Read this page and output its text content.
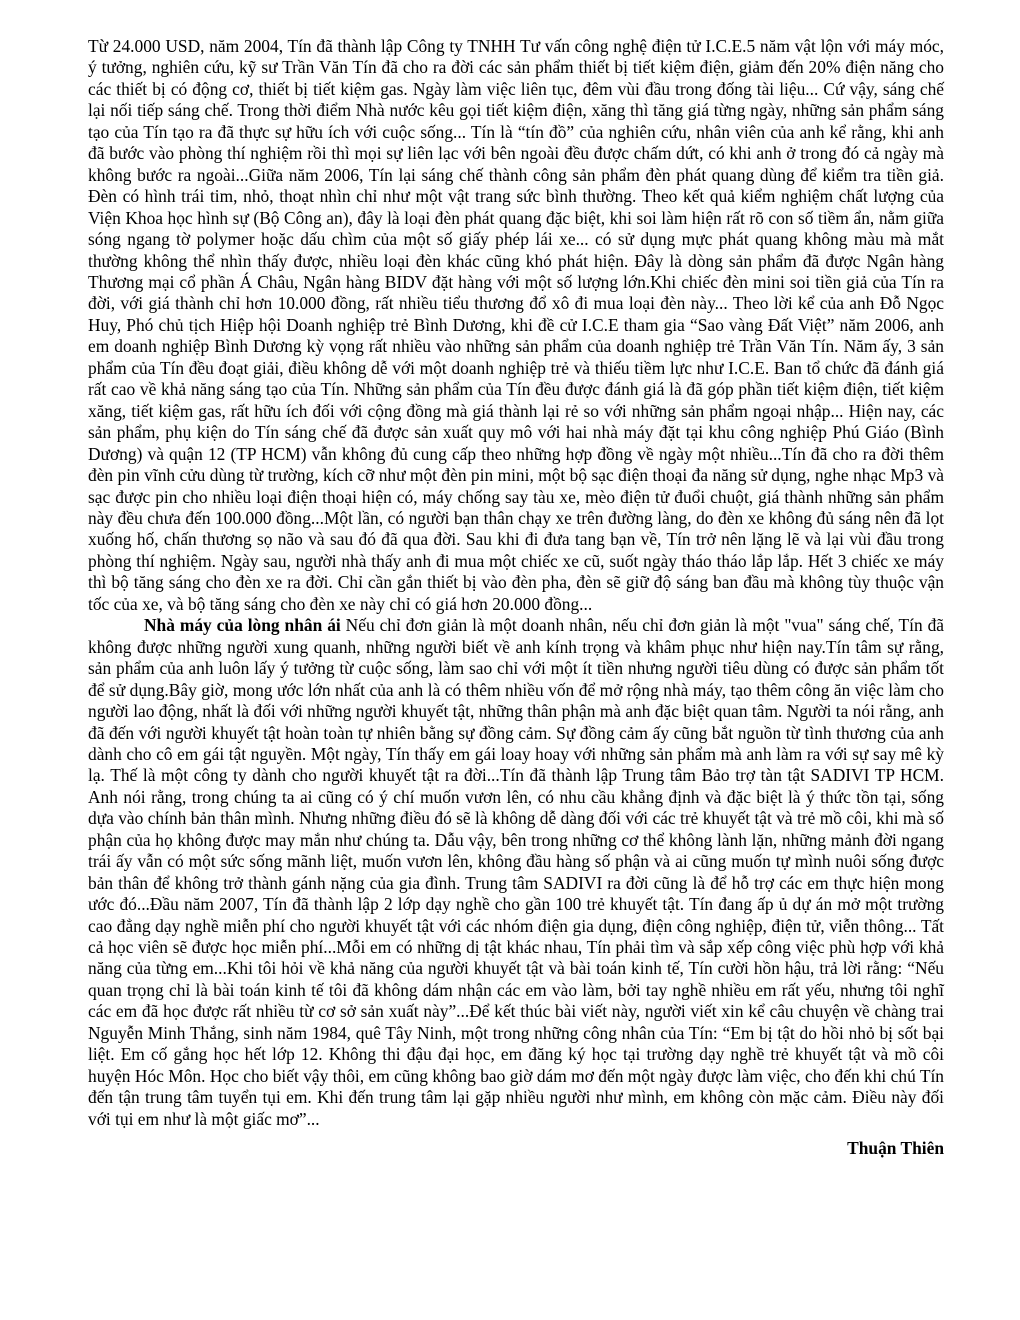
Từ 24.000 USD, năm 2004, Tín đã thành lập Công ty TNHH Tư vấn công nghệ điện tử I.C.E.5 năm vật lộn với máy móc, ý tưởng, nghiên cứu, kỹ sư Trần Văn Tín đã cho ra đời các sản phẩm thiết bị tiết kiệm điện, giảm đến 20% điện năng cho các thiết bị có động cơ, thiết bị tiết kiệm gas. Ngày làm việc liên tục, đêm vùi đầu trong đống tài liệu... Cứ vậy, sáng chế lại nối tiếp sáng chế. Trong thời điểm Nhà nước kêu gọi tiết kiệm điện, xăng thì tăng giá từng ngày, những sản phẩm sáng tạo của Tín tạo ra đã thực sự hữu ích với cuộc sống... Tín là “tín đồ” của nghiên cứu, nhân viên của anh kể rằng, khi anh đã bước vào phòng thí nghiệm rồi thì mọi sự liên lạc với bên ngoài đều được chấm dứt, có khi anh ở trong đó cả ngày mà không bước ra ngoài...Giữa năm 2006, Tín lại sáng chế thành công sản phẩm đèn phát quang dùng để kiểm tra tiền giả. Đèn có hình trái tim, nhỏ, thoạt nhìn chỉ như một vật trang sức bình thường. Theo kết quả kiểm nghiệm chất lượng của Viện Khoa học hình sự (Bộ Công an), đây là loại đèn phát quang đặc biệt, khi soi làm hiện rất rõ con số tiềm ẩn, nằm giữa sóng ngang tờ polymer hoặc dấu chìm của một số giấy phép lái xe... có sử dụng mực phát quang không màu mà mắt thường không thể nhìn thấy được, nhiều loại đèn khác cũng khó phát hiện. Đây là dòng sản phẩm đã được Ngân hàng Thương mại cổ phần Á Châu, Ngân hàng BIDV đặt hàng với một số lượng lớn.Khi chiếc đèn mini soi tiền giả của Tín ra đời, với giá thành chỉ hơn 10.000 đồng, rất nhiều tiểu thương đổ xô đi mua loại đèn này... Theo lời kể của anh Đỗ Ngọc Huy, Phó chủ tịch Hiệp hội Doanh nghiệp trẻ Bình Dương, khi đề cử I.C.E tham gia “Sao vàng Đất Việt” năm 2006, anh em doanh nghiệp Bình Dương kỳ vọng rất nhiều vào những sản phẩm của doanh nghiệp trẻ Trần Văn Tín. Năm ấy, 3 sản phẩm của Tín đều đoạt giải, điều không dễ với một doanh nghiệp trẻ và thiếu tiềm lực như I.C.E. Ban tổ chức đã đánh giá rất cao về khả năng sáng tạo của Tín. Những sản phẩm của Tín đều được đánh giá là đã góp phần tiết kiệm điện, tiết kiệm xăng, tiết kiệm gas, rất hữu ích đối với cộng đồng mà giá thành lại rẻ so với những sản phẩm ngoại nhập... Hiện nay, các sản phẩm, phụ kiện do Tín sáng chế đã được sản xuất quy mô với hai nhà máy đặt tại khu công nghiệp Phú Giáo (Bình Dương) và quận 12 (TP HCM) vẫn không đủ cung cấp theo những hợp đồng về ngày một nhiều...Tín đã cho ra đời thêm đèn pin vĩnh cửu dùng từ trường, kích cỡ như một đèn pin mini, một bộ sạc điện thoại đa năng sử dụng, nghe nhạc Mp3 và sạc được pin cho nhiều loại điện thoại hiện có, máy chống say tàu xe, mèo điện tử đuổi chuột, giá thành những sản phẩm này đều chưa đến 100.000 đồng...Một lần, có người bạn thân chạy xe trên đường làng, do đèn xe không đủ sáng nên đã lọt xuống hố, chấn thương sọ não và sau đó đã qua đời. Sau khi đi đưa tang bạn về, Tín trở nên lặng lẽ và lại vùi đầu trong phòng thí nghiệm. Ngày sau, người nhà thấy anh đi mua một chiếc xe cũ, suốt ngày tháo tháo lắp lắp. Hết 3 chiếc xe máy thì bộ tăng sáng cho đèn xe ra đời. Chỉ cần gắn thiết bị vào đèn pha, đèn sẽ giữ độ sáng ban đầu mà không tùy thuộc vận tốc của xe, và bộ tăng sáng cho đèn xe này chỉ có giá hơn 20.000 đồng...

Nhà máy của lòng nhân ái Nếu chỉ đơn giản là một doanh nhân, nếu chỉ đơn giản là một "vua" sáng chế, Tín đã không được những người xung quanh, những người biết về anh kính trọng và khâm phục như hiện nay.Tín tâm sự rằng, sản phẩm của anh luôn lấy ý tưởng từ cuộc sống, làm sao chỉ với một ít tiền nhưng người tiêu dùng có được sản phẩm tốt để sử dụng.Bây giờ, mong ước lớn nhất của anh là có thêm nhiều vốn để mở rộng nhà máy, tạo thêm công ăn việc làm cho người lao động, nhất là đối với những người khuyết tật, những thân phận mà anh đặc biệt quan tâm. Người ta nói rằng, anh đã đến với người khuyết tật hoàn toàn tự nhiên bằng sự đồng cảm. Sự đồng cảm ấy cũng bắt nguồn từ tình thương của anh dành cho cô em gái tật nguyền. Một ngày, Tín thấy em gái loay hoay với những sản phẩm mà anh làm ra với sự say mê kỳ lạ. Thế là một công ty dành cho người khuyết tật ra đời...Tín đã thành lập Trung tâm Bảo trợ tàn tật SADIVI TP HCM. Anh nói rằng, trong chúng ta ai cũng có ý chí muốn vươn lên, có nhu cầu khẳng định và đặc biệt là ý thức tồn tại, sống dựa vào chính bản thân mình. Nhưng những điều đó sẽ là không dễ dàng đối với các trẻ khuyết tật và trẻ mồ côi, khi mà số phận của họ không được may mắn như chúng ta. Dẫu vậy, bên trong những cơ thể không lành lặn, những mảnh đời ngang trái ấy vẫn có một sức sống mãnh liệt, muốn vươn lên, không đầu hàng số phận và ai cũng muốn tự mình nuôi sống được bản thân để không trở thành gánh nặng của gia đình. Trung tâm SADIVI ra đời cũng là để hỗ trợ các em thực hiện mong ước đó...Đầu năm 2007, Tín đã thành lập 2 lớp dạy nghề cho gần 100 trẻ khuyết tật. Tín đang ấp ủ dự án mở một trường cao đẳng dạy nghề miễn phí cho người khuyết tật với các nhóm điện gia dụng, điện công nghiệp, điện tử, viễn thông... Tất cả học viên sẽ được học miễn phí...Mỗi em có những dị tật khác nhau, Tín phải tìm và sắp xếp công việc phù hợp với khả năng của từng em...Khi tôi hỏi về khả năng của người khuyết tật và bài toán kinh tế, Tín cười hồn hậu, trả lời rằng: “Nếu quan trọng chỉ là bài toán kinh tế tôi đã không dám nhận các em vào làm, bởi tay nghề nhiều em rất yếu, nhưng tôi nghĩ các em đã học được rất nhiều từ cơ sở sản xuất này”...Để kết thúc bài viết này, người viết xin kể câu chuyện về chàng trai Nguyễn Minh Thắng, sinh năm 1984, quê Tây Ninh, một trong những công nhân của Tín: “Em bị tật do hồi nhỏ bị sốt bại liệt. Em cố gắng học hết lớp 12. Không thi đậu đại học, em đăng ký học tại trường dạy nghề trẻ khuyết tật và mồ côi huyện Hóc Môn. Học cho biết vậy thôi, em cũng không bao giờ dám mơ đến một ngày được làm việc, cho đến khi chú Tín đến tận trung tâm tuyển tụi em. Khi đến trung tâm lại gặp nhiều người như mình, em không còn mặc cảm. Điều này đối với tụi em như là một giấc mơ”...

Thuận Thiên
